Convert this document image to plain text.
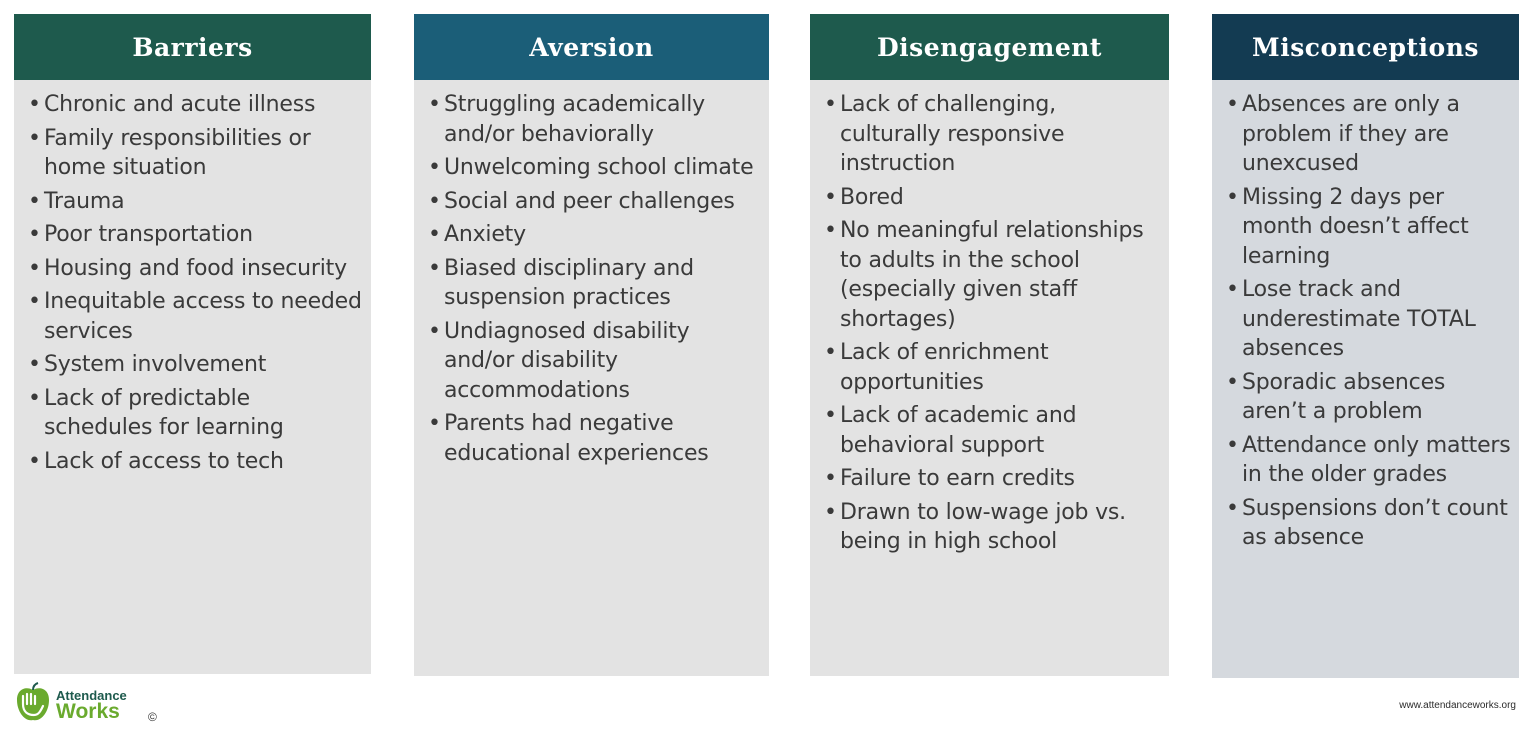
Barriers
• Chronic and acute illness
• Family responsibilities or home situation
• Trauma
• Poor transportation
• Housing and food insecurity
• Inequitable access to needed services
• System involvement
• Lack of predictable schedules for learning
• Lack of access to tech
Aversion
• Struggling academically and/or behaviorally
• Unwelcoming school climate
• Social and peer challenges
• Anxiety
• Biased disciplinary and suspension practices
• Undiagnosed disability and/or disability accommodations
• Parents had negative educational experiences
Disengagement
• Lack of challenging, culturally responsive instruction
• Bored
• No meaningful relationships to adults in the school (especially given staff shortages)
• Lack of enrichment opportunities
• Lack of academic and behavioral support
• Failure to earn credits
• Drawn to low-wage job vs. being in high school
Misconceptions
• Absences are only a problem if they are unexcused
• Missing 2 days per month doesn’t affect learning
• Lose track and underestimate TOTAL absences
• Sporadic absences aren’t a problem
• Attendance only matters in the older grades
• Suspensions don’t count as absence
Attendance
Works ©
www.attendanceworks.org
